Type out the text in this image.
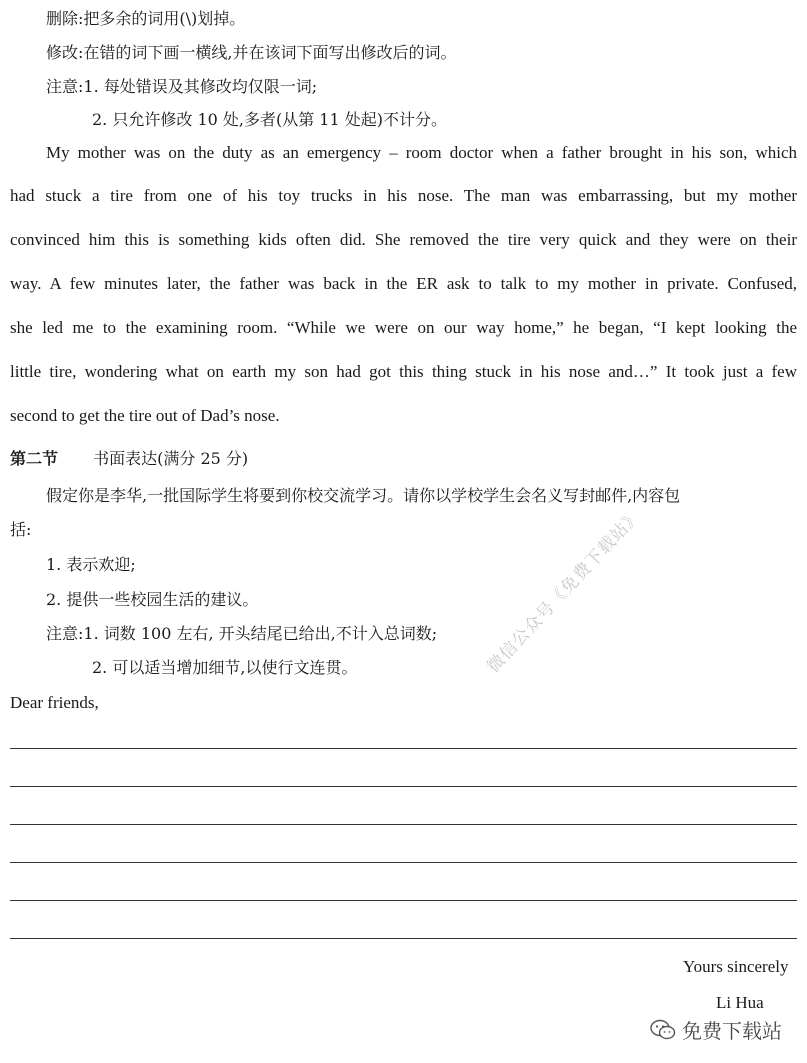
删除:把多余的词用(\)划掉。
修改:在错的词下画一横线,并在该词下面写出修改后的词。
注意:1. 每处错误及其修改均仅限一词;
2. 只允许修改 10 处,多者(从第 11 处起)不计分。
My mother was on the duty as an emergency – room doctor when a father brought in his son, which
had stuck a tire from one of his toy trucks in his nose. The man was embarrassing, but my mother
convinced him this is something kids often did. She removed the tire very quick and they were on their
way. A few minutes later, the father was back in the ER ask to talk to my mother in private. Confused,
she led me to the examining room. “While we were on our way home,” he began, “I kept looking the
little tire, wondering what on earth my son had got this thing stuck in his nose and…” It took just a few
second to get the tire out of Dad’s nose.
第二节 书面表达(满分 25 分)
假定你是李华,一批国际学生将要到你校交流学习。请你以学校学生会名义写封邮件,内容包
括:
1. 表示欢迎;
2. 提供一些校园生活的建议。
注意:1. 词数 100 左右, 开头结尾已给出,不计入总词数;
2. 可以适当增加细节,以使行文连贯。
Dear friends,
Yours sincerely
Li Hua
微信公众号《免费下载站》
免费下载站
